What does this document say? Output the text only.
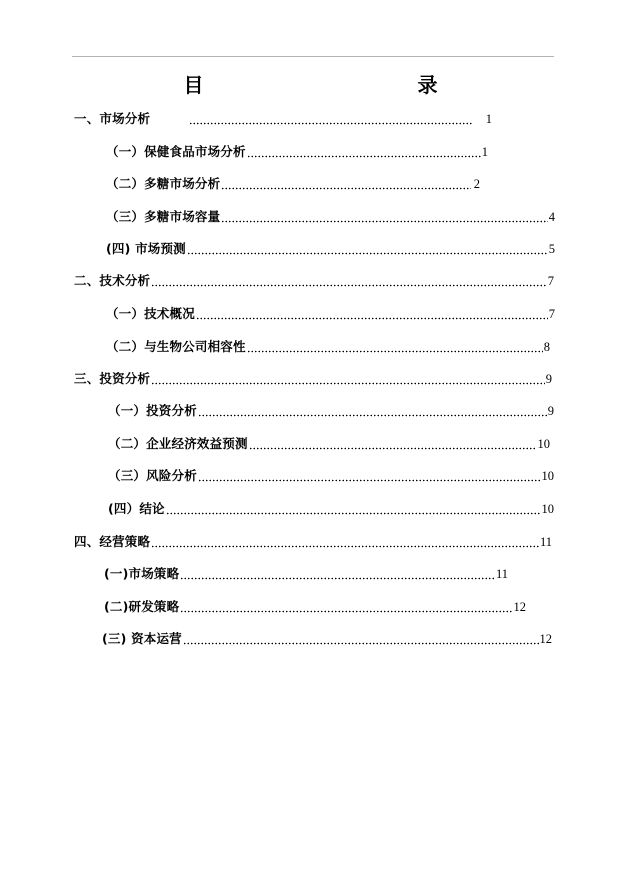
目　　录
一、市场分析	1
（一）保健食品市场分析	1
（二）多糖市场分析	2
（三）多糖市场容量	4
(四) 市场预测	5
二、技术分析	7
（一）技术概况	7
（二）与生物公司相容性	8
三、投资分析	9
（一）投资分析	9
（二）企业经济效益预测	10
（三）风险分析	10
(四）结论	10
四、经营策略	11
(一)市场策略	11
(二)研发策略	12
(三) 资本运营	12
